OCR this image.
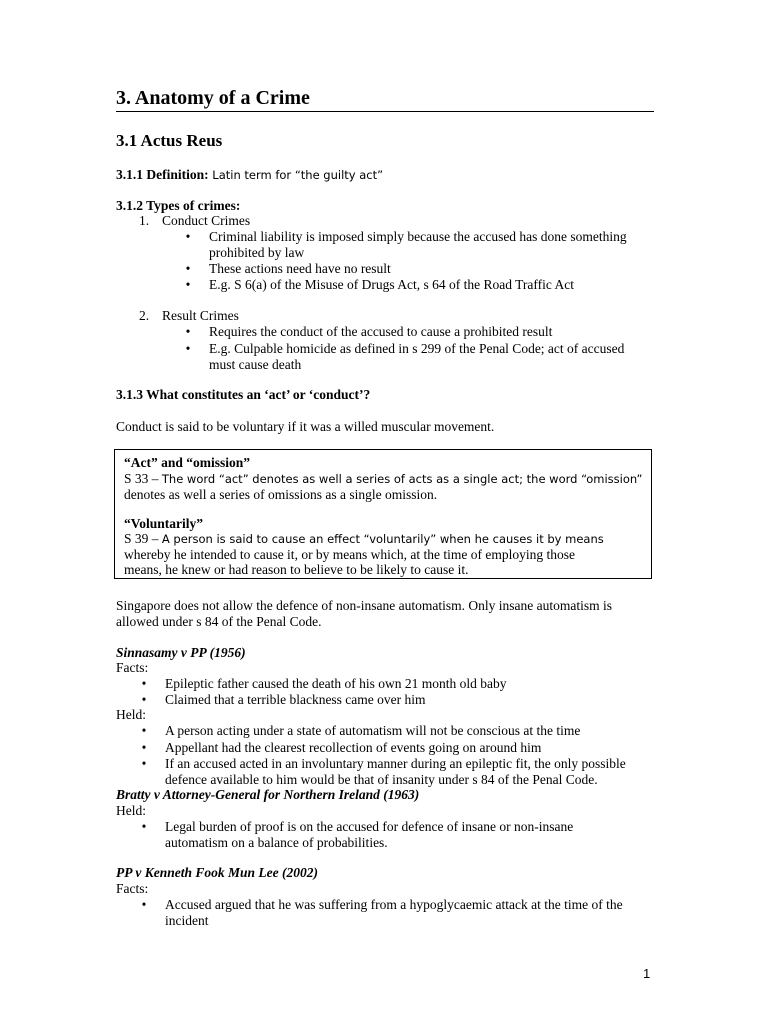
3. Anatomy of a Crime
3.1 Actus Reus
3.1.1 Definition: Latin term for “the guilty act”
3.1.2 Types of crimes:
1. Conduct Crimes
• Criminal liability is imposed simply because the accused has done something
prohibited by law
• These actions need have no result
• E.g. S 6(a) of the Misuse of Drugs Act, s 64 of the Road Traffic Act
2. Result Crimes
• Requires the conduct of the accused to cause a prohibited result
• E.g. Culpable homicide as defined in s 299 of the Penal Code; act of accused
must cause death
3.1.3 What constitutes an ‘act’ or ‘conduct’?
Conduct is said to be voluntary if it was a willed muscular movement.
“Act” and “omission”
S 33 – The word “act” denotes as well a series of acts as a single act; the word “omission”
denotes as well a series of omissions as a single omission.
“Voluntarily”
S 39 – A person is said to cause an effect “voluntarily” when he causes it by means
whereby he intended to cause it, or by means which, at the time of employing those
means, he knew or had reason to believe to be likely to cause it.
Singapore does not allow the defence of non-insane automatism. Only insane automatism is
allowed under s 84 of the Penal Code.
Sinnasamy v PP (1956)
Facts:
• Epileptic father caused the death of his own 21 month old baby
• Claimed that a terrible blackness came over him
Held:
• A person acting under a state of automatism will not be conscious at the time
• Appellant had the clearest recollection of events going on around him
• If an accused acted in an involuntary manner during an epileptic fit, the only possible
defence available to him would be that of insanity under s 84 of the Penal Code.
Bratty v Attorney-General for Northern Ireland (1963)
Held:
• Legal burden of proof is on the accused for defence of insane or non-insane
automatism on a balance of probabilities.
PP v Kenneth Fook Mun Lee (2002)
Facts:
• Accused argued that he was suffering from a hypoglycaemic attack at the time of the
incident
1
